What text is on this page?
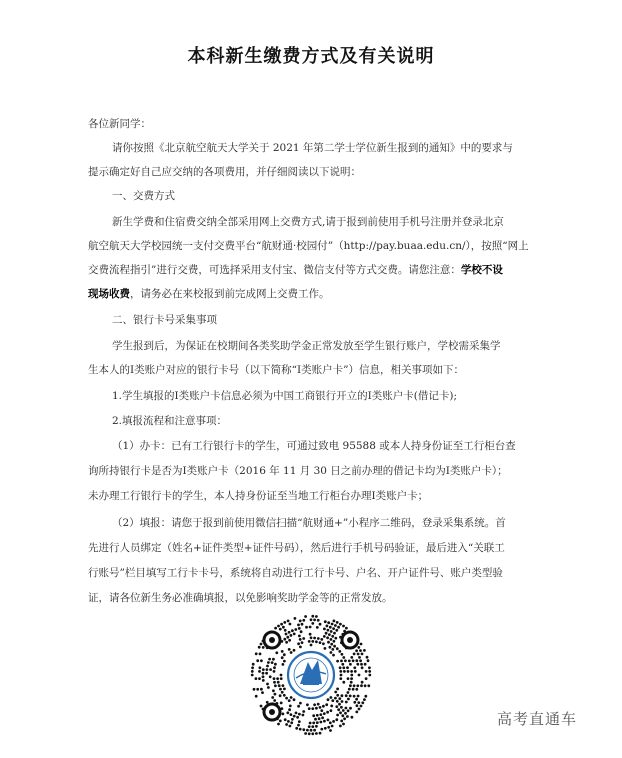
本科新生缴费方式及有关说明
各位新同学：
请你按照《北京航空航天大学关于 2021 年第二学士学位新生报到的通知》中的要求与
提示确定好自己应交纳的各项费用，并仔细阅读以下说明：
一、交费方式
新生学费和住宿费交纳全部采用网上交费方式,请于报到前使用手机号注册并登录北京
航空航天大学校园统一支付交费平台“航财通·校园付”（http://pay.buaa.edu.cn/），按照“网上
交费流程指引”进行交费，可选择采用支付宝、微信支付等方式交费。请您注意：学校不设
现场收费，请务必在来校报到前完成网上交费工作。
二、银行卡号采集事项
学生报到后，为保证在校期间各类奖助学金正常发放至学生银行账户，学校需采集学
生本人的Ⅰ类账户对应的银行卡号（以下简称“Ⅰ类账户卡”）信息，相关事项如下：
1.学生填报的Ⅰ类账户卡信息必须为中国工商银行开立的Ⅰ类账户卡(借记卡);
2.填报流程和注意事项：
（1）办卡：已有工行银行卡的学生，可通过致电 95588 或本人持身份证至工行柜台查
询所持银行卡是否为Ⅰ类账户卡（2016 年 11 月 30 日之前办理的借记卡均为Ⅰ类账户卡）；
未办理工行银行卡的学生，本人持身份证至当地工行柜台办理Ⅰ类账户卡；
（2）填报：请您于报到前使用微信扫描“航财通+”小程序二维码，登录采集系统。首
先进行人员绑定（姓名+证件类型+证件号码），然后进行手机号码验证，最后进入“关联工
行账号”栏目填写工行卡卡号，系统将自动进行工行卡号、户名、开户证件号、账户类型验
证，请各位新生务必准确填报，以免影响奖助学金等的正常发放。
高考直通车
